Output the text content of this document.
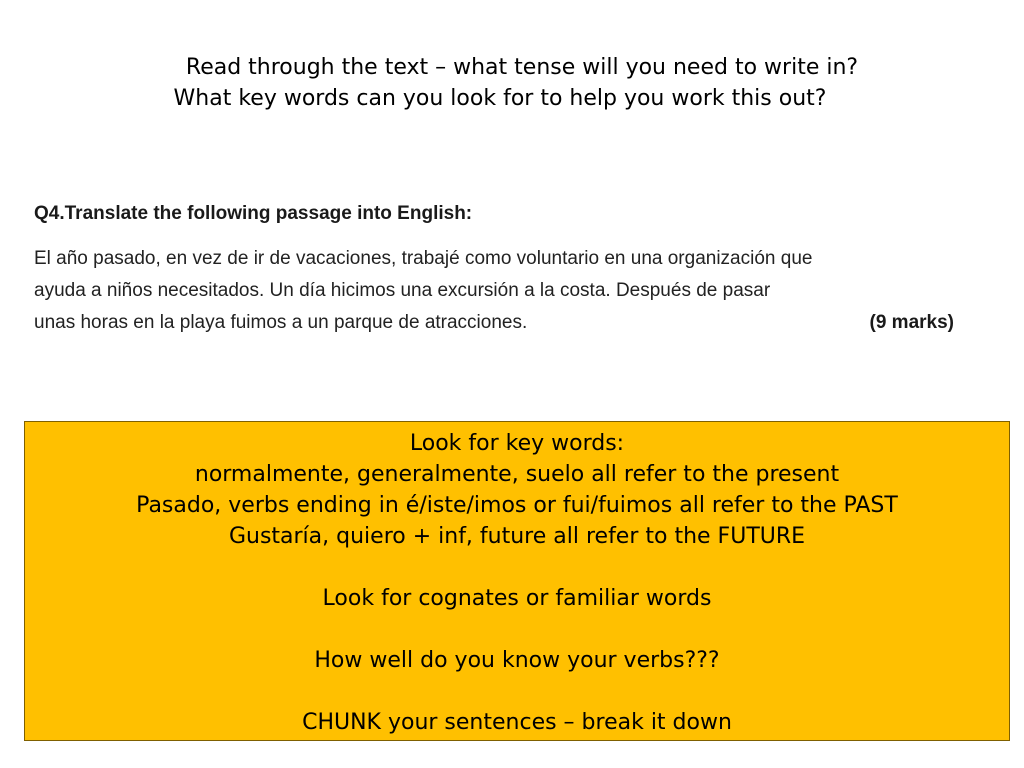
Read through the text – what tense will you need to write in?
What key words can you look for to help you work this out?
Q4.Translate the following passage into English:
El año pasado, en vez de ir de vacaciones, trabajé como voluntario en una organización que
ayuda a niños necesitados. Un día hicimos una excursión a la costa. Después de pasar
unas horas en la playa fuimos a un parque de atracciones.	(9 marks)
Look for key words:
normalmente, generalmente, suelo all refer to the present
Pasado, verbs ending in é/iste/imos or fui/fuimos all refer to the PAST
Gustaría, quiero + inf, future all refer to the FUTURE
Look for cognates or familiar words
How well do you know your verbs???
CHUNK your sentences – break it down
